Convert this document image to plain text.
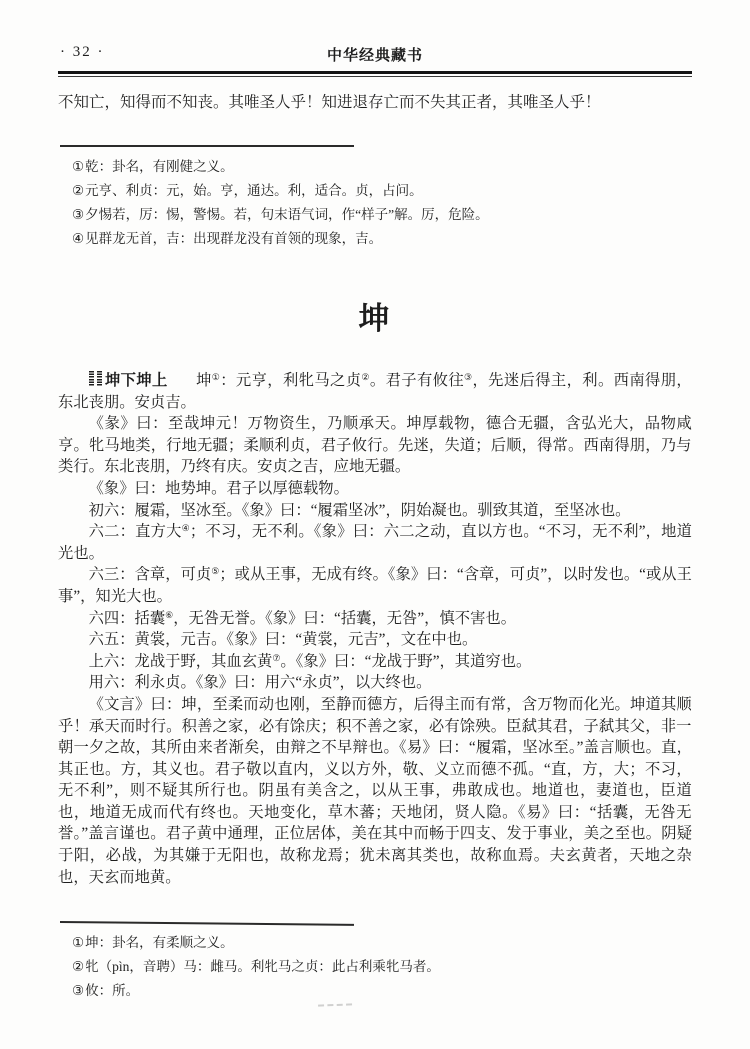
· 32 ·	中华经典藏书

不知亡，知得而不知丧。其唯圣人乎！知进退存亡而不失其正者，其唯圣人乎！

①乾：卦名，有刚健之义。

②元亨、利贞：元，始。亨，通达。利，适合。贞，占问。

③夕惕若，厉：惕，警惕。若，句末语气词，作“样子”解。厉，危险。

④见群龙无首，吉：出现群龙没有首领的现象，吉。

坤

坤下坤上 坤①：元亨，利牝马之贞②。君子有攸往③，先迷后得主，利。西南得朋，东北丧朋。安贞吉。

《彖》曰：至哉坤元！万物资生，乃顺承天。坤厚载物，德合无疆，含弘光大，品物咸亨。牝马地类，行地无疆；柔顺利贞，君子攸行。先迷，失道；后顺，得常。西南得朋，乃与类行。东北丧朋，乃终有庆。安贞之吉，应地无疆。

《象》曰：地势坤。君子以厚德载物。

初六：履霜，坚冰至。《象》曰：“履霜坚冰”，阴始凝也。驯致其道，至坚冰也。

六二：直方大④；不习，无不利。《象》曰：六二之动，直以方也。“不习，无不利”，地道光也。

六三：含章，可贞⑤；或从王事，无成有终。《象》曰：“含章，可贞”，以时发也。“或从王事”，知光大也。

六四：括囊⑥，无咎无誉。《象》曰：“括囊，无咎”，慎不害也。

六五：黄裳，元吉。《象》曰：“黄裳，元吉”，文在中也。

上六：龙战于野，其血玄黄⑦。《象》曰：“龙战于野”，其道穷也。

用六：利永贞。《象》曰：用六“永贞”，以大终也。

《文言》曰：坤，至柔而动也刚，至静而德方，后得主而有常，含万物而化光。坤道其顺乎！承天而时行。积善之家，必有馀庆；积不善之家，必有馀殃。臣弑其君，子弑其父，非一朝一夕之故，其所由来者渐矣，由辩之不早辩也。《易》曰：“履霜，坚冰至。”盖言顺也。直，其正也。方，其义也。君子敬以直内，义以方外，敬、义立而德不孤。“直，方，大；不习，无不利”，则不疑其所行也。阴虽有美含之，以从王事，弗敢成也。地道也，妻道也，臣道也，地道无成而代有终也。天地变化，草木蕃；天地闭，贤人隐。《易》曰：“括囊，无咎无誉。”盖言谨也。君子黄中通理，正位居体，美在其中而畅于四支、发于事业，美之至也。阴疑于阳，必战，为其嫌于无阳也，故称龙焉；犹未离其类也，故称血焉。夫玄黄者，天地之杂也，天玄而地黄。

①坤：卦名，有柔顺之义。

②牝（pìn，音聘）马：雌马。利牝马之贞：此占利乘牝马者。

③攸：所。
